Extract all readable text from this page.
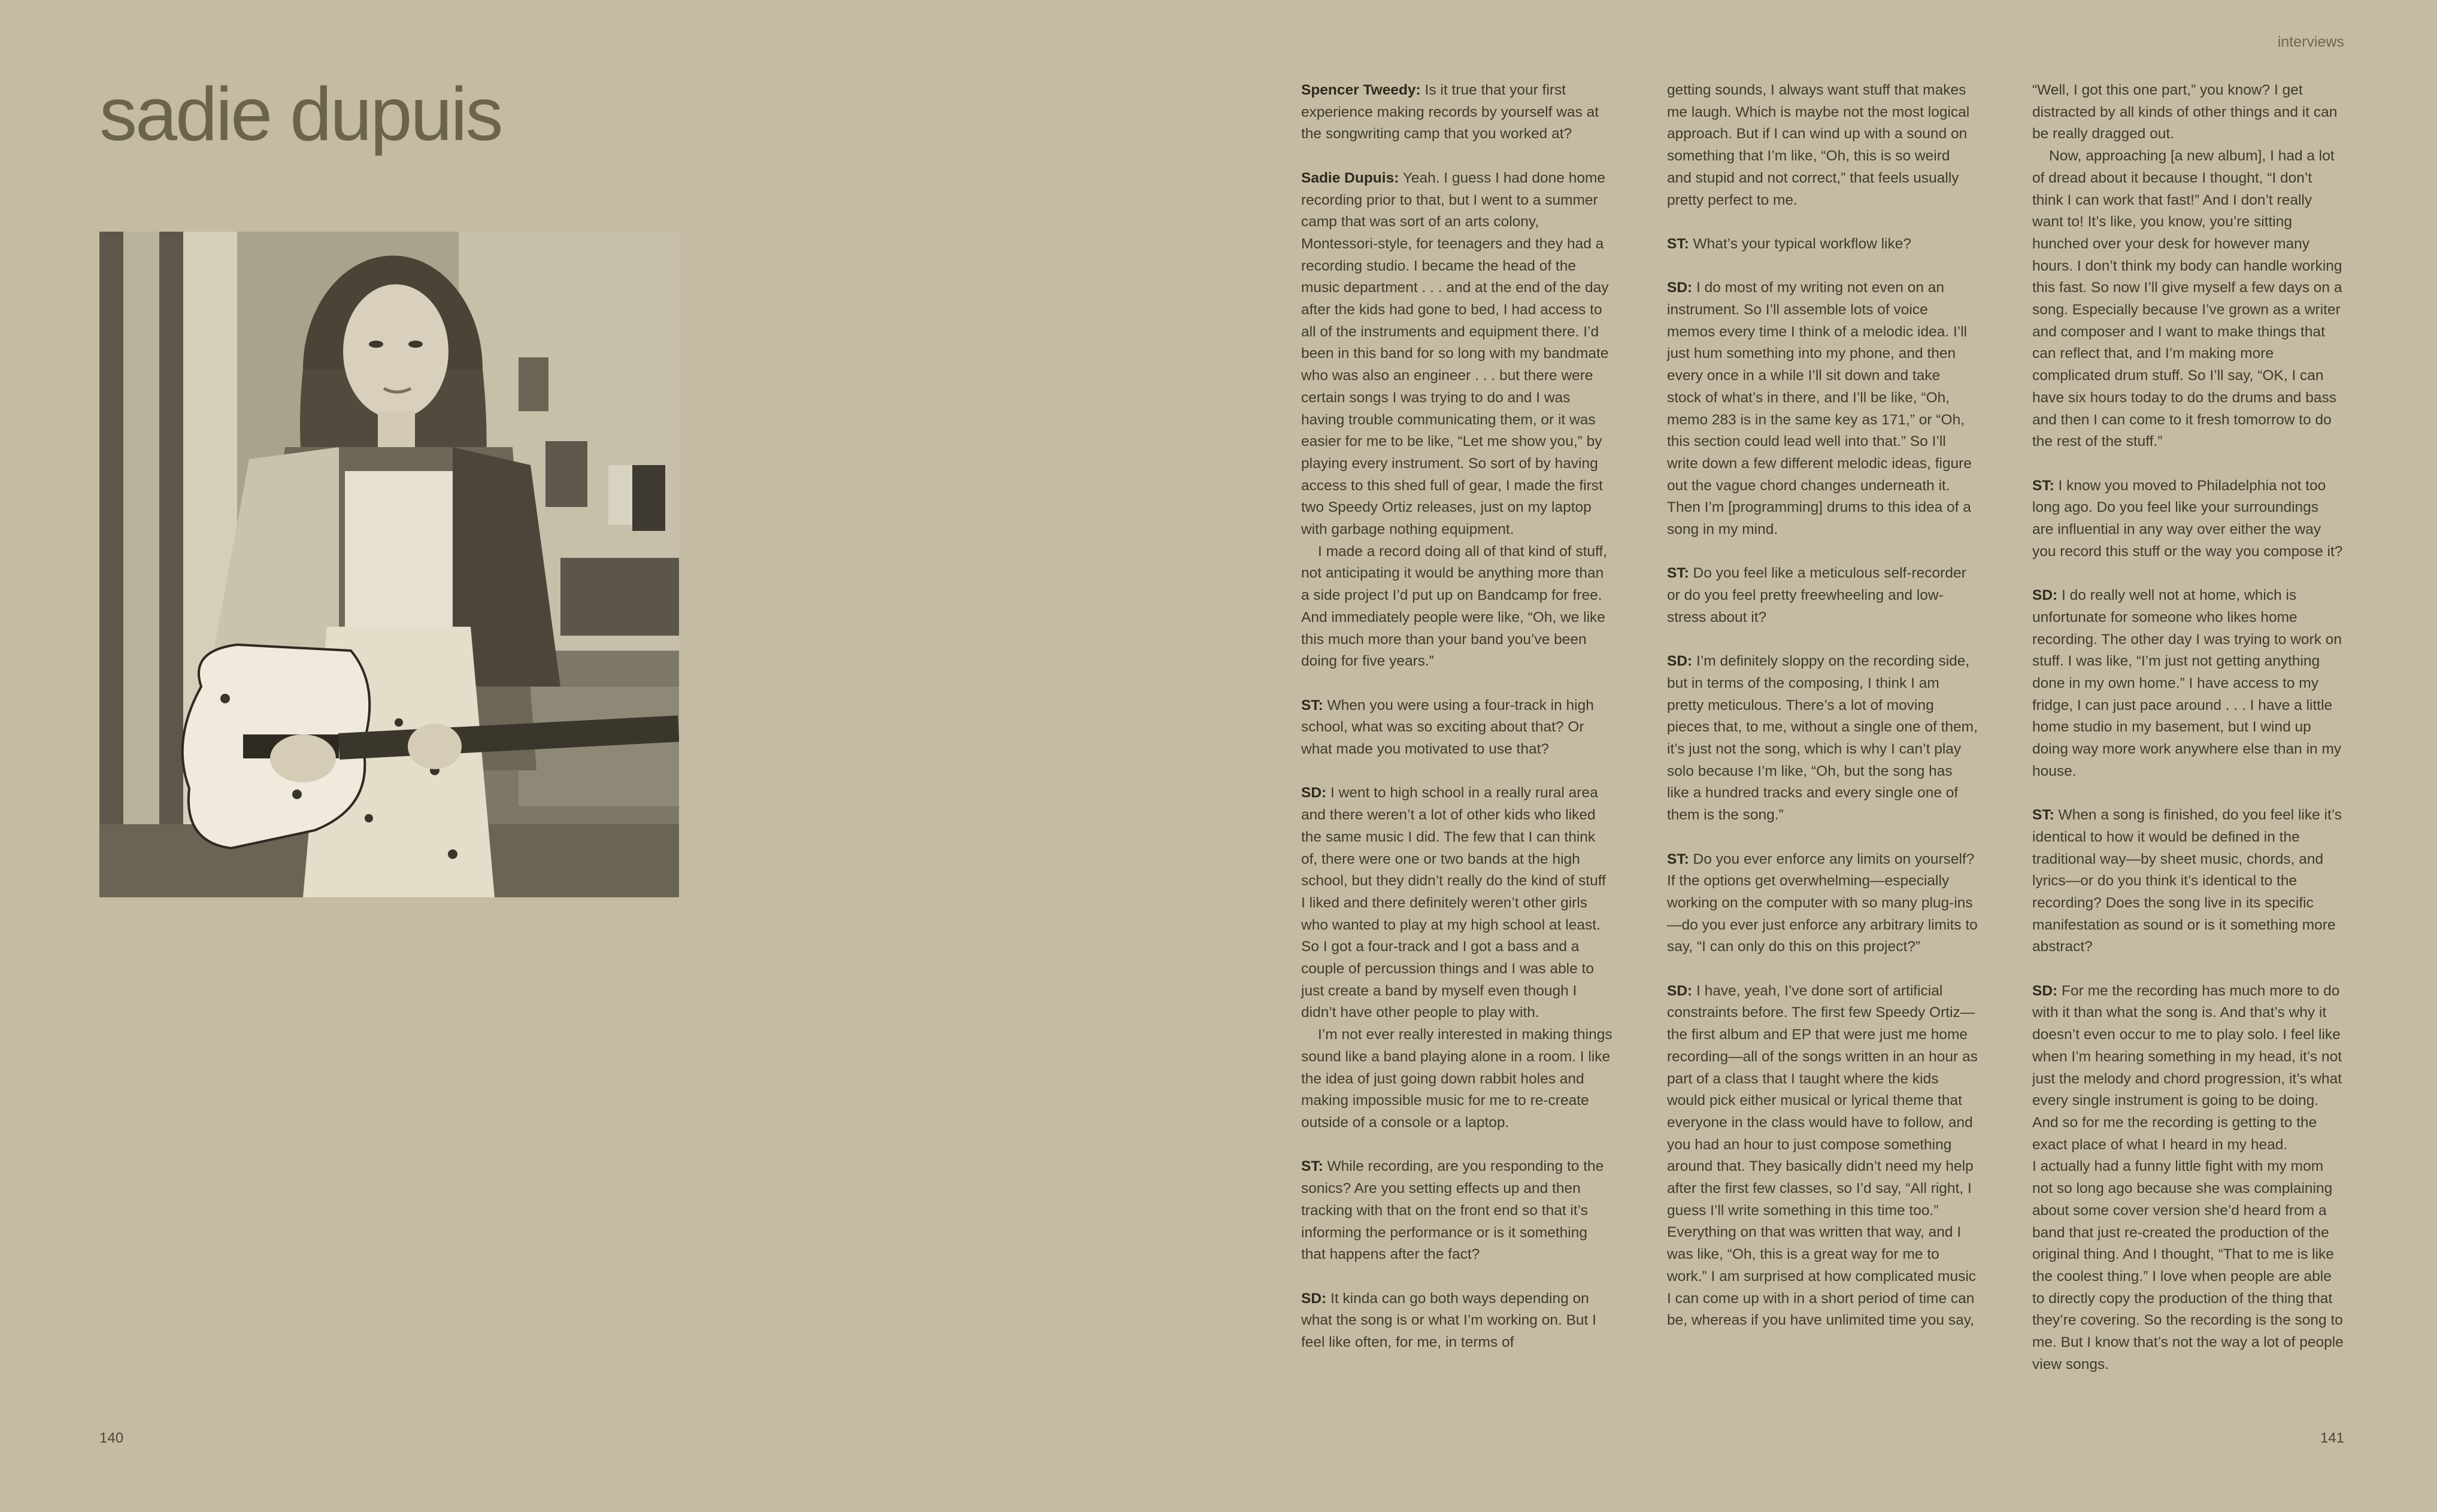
interviews
sadie dupuis	Spencer Tweedy: Is it true that your first experience making records by yourself was at the songwriting camp that you worked at?

Sadie Dupuis: Yeah. I guess I had done home recording prior to that, but I went to a summer camp that was sort of an arts colony, Montessori-style, for teenagers and they had a recording studio. I became the head of the music department . . . and at the end of the day after the kids had gone to bed, I had access to all of the instruments and equipment there. I’d been in this band for so long with my bandmate who was also an engineer . . . but there were certain songs I was trying to do and I was having trouble communicating them, or it was easier for me to be like, “Let me show you,” by playing every instrument. So sort of by having access to this shed full of gear, I made the first two Speedy Ortiz releases, just on my laptop with garbage nothing equipment.

I made a record doing all of that kind of stuff, not anticipating it would be anything more than a side project I’d put up on Bandcamp for free. And immediately people were like, “Oh, we like this much more than your band you’ve been doing for five years.”

ST: When you were using a four-track in high school, what was so exciting about that? Or what made you motivated to use that?

SD: I went to high school in a really rural area and there weren’t a lot of other kids who liked the same music I did. The few that I can think of, there were one or two bands at the high school, but they didn’t really do the kind of stuff I liked and there definitely weren’t other girls who wanted to play at my high school at least. So I got a four-track and I got a bass and a couple of percussion things and I was able to just create a band by myself even though I didn’t have other people to play with.

I’m not ever really interested in making things sound like a band playing alone in a room. I like the idea of just going down rabbit holes and making impossible music for me to re-create outside of a console or a laptop.

ST: While recording, are you responding to the sonics? Are you setting effects up and then tracking with that on the front end so that it’s informing the performance or is it something that happens after the fact?

SD: It kinda can go both ways depending on what the song is or what I’m working on. But I feel like often, for me, in terms of

getting sounds, I always want stuff that makes me laugh. Which is maybe not the most logical approach. But if I can wind up with a sound on something that I’m like, “Oh, this is so weird and stupid and not correct,” that feels usually pretty perfect to me.

ST: What’s your typical workflow like?

SD: I do most of my writing not even on an instrument. So I’ll assemble lots of voice memos every time I think of a melodic idea. I’ll just hum something into my phone, and then every once in a while I’ll sit down and take stock of what’s in there, and I’ll be like, “Oh, memo 283 is in the same key as 171,” or “Oh, this section could lead well into that.” So I’ll write down a few different melodic ideas, figure out the vague chord changes underneath it. Then I’m [programming] drums to this idea of a song in my mind.

ST: Do you feel like a meticulous self-recorder or do you feel pretty freewheeling and low-stress about it?

SD: I’m definitely sloppy on the recording side, but in terms of the composing, I think I am pretty meticulous. There’s a lot of moving pieces that, to me, without a single one of them, it’s just not the song, which is why I can’t play solo because I’m like, “Oh, but the song has like a hundred tracks and every single one of them is the song.”

ST: Do you ever enforce any limits on yourself? If the options get overwhelming—especially working on the computer with so many plug-ins—do you ever just enforce any arbitrary limits to say, “I can only do this on this project?”

SD: I have, yeah, I’ve done sort of artificial constraints before. The first few Speedy Ortiz—the first album and EP that were just me home recording—all of the songs written in an hour as part of a class that I taught where the kids would pick either musical or lyrical theme that everyone in the class would have to follow, and you had an hour to just compose something around that. They basically didn’t need my help after the first few classes, so I’d say, “All right, I guess I’ll write something in this time too.” Everything on that was written that way, and I was like, “Oh, this is a great way for me to work.” I am surprised at how complicated music I can come up with in a short period of time can be, whereas if you have unlimited time you say,

“Well, I got this one part,” you know? I get distracted by all kinds of other things and it can be really dragged out.

Now, approaching [a new album], I had a lot of dread about it because I thought, “I don’t think I can work that fast!” And I don’t really want to! It’s like, you know, you’re sitting hunched over your desk for however many hours. I don’t think my body can handle working this fast. So now I’ll give myself a few days on a song. Especially because I’ve grown as a writer and composer and I want to make things that can reflect that, and I’m making more complicated drum stuff. So I’ll say, “OK, I can have six hours today to do the drums and bass and then I can come to it fresh tomorrow to do the rest of the stuff.”

ST: I know you moved to Philadelphia not too long ago. Do you feel like your surroundings are influential in any way over either the way you record this stuff or the way you compose it?

SD: I do really well not at home, which is unfortunate for someone who likes home recording. The other day I was trying to work on stuff. I was like, “I’m just not getting anything done in my own home.” I have access to my fridge, I can just pace around . . . I have a little home studio in my basement, but I wind up doing way more work anywhere else than in my house.

ST: When a song is finished, do you feel like it’s identical to how it would be defined in the traditional way—by sheet music, chords, and lyrics—or do you think it’s identical to the recording? Does the song live in its specific manifestation as sound or is it something more abstract?

SD: For me the recording has much more to do with it than what the song is. And that’s why it doesn’t even occur to me to play solo. I feel like when I’m hearing something in my head, it’s not just the melody and chord progression, it’s what every single instrument is going to be doing. And so for me the recording is getting to the exact place of what I heard in my head.

I actually had a funny little fight with my mom not so long ago because she was complaining about some cover version she’d heard from a band that just re-created the production of the original thing. And I thought, “That to me is like the coolest thing.” I love when people are able to directly copy the production of the thing that they’re covering. So the recording is the song to me. But I know that’s not the way a lot of people view songs.

140	141
